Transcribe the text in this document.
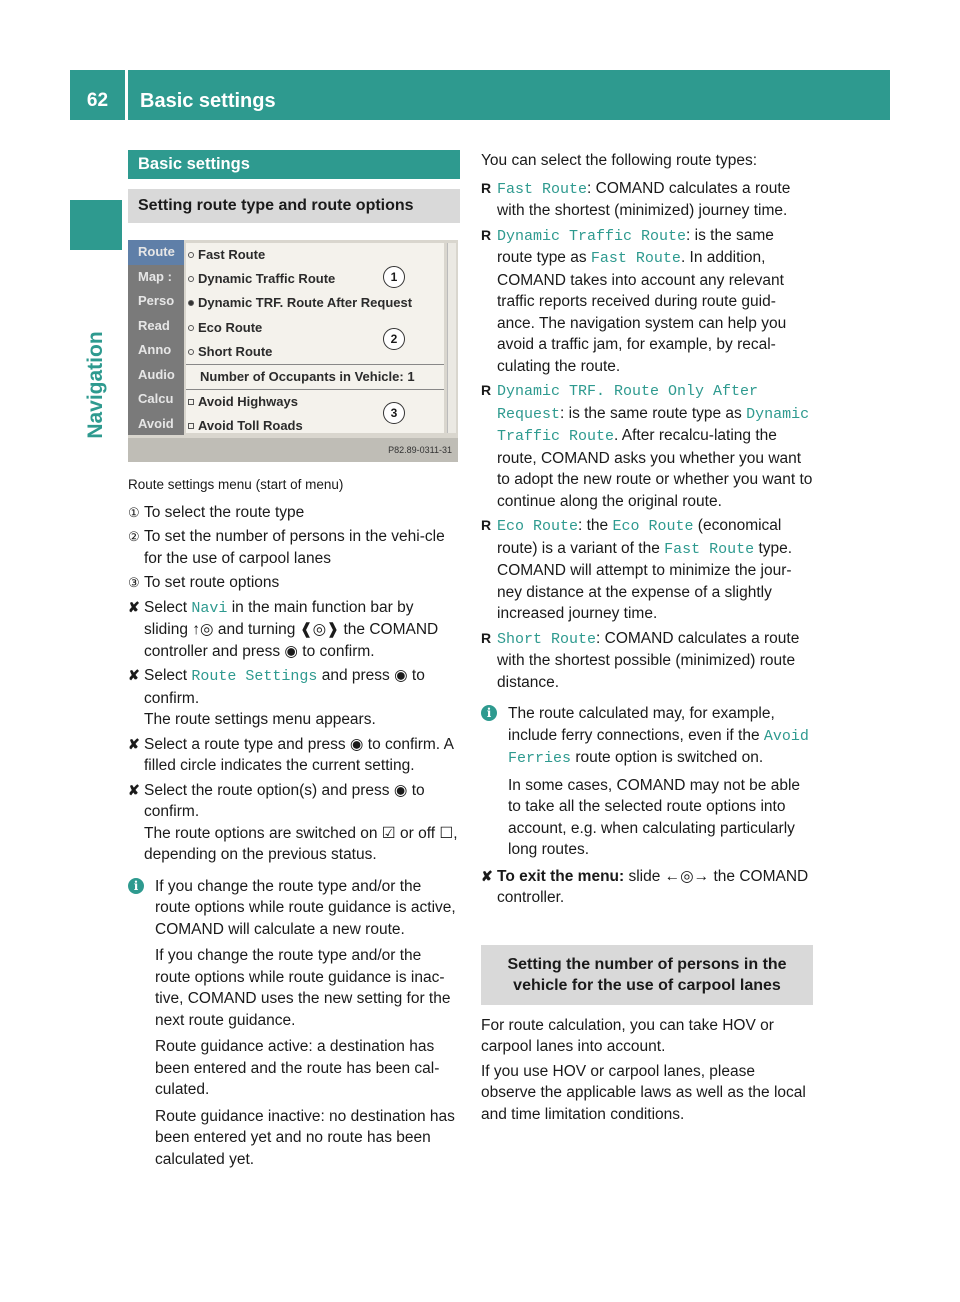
62	Basic settings
Navigation
Basic settings
Setting route type and route options
Route
Map :
Perso
Read
Anno
Audio
Calcu
Avoid
Fast Route
Dynamic Traffic Route
Dynamic TRF. Route After Request
Eco Route
Short Route
Number of Occupants in Vehicle: 1
Avoid Highways
Avoid Toll Roads
1
2
3
P82.89-0311-31
Route settings menu (start of menu)
① To select the route type
② To set the number of persons in the vehi-cle for the use of carpool lanes
③ To set route options
✘ Select Navi in the main function bar by sliding ↑◎ and turning ❰◎❱ the COMAND controller and press ◉ to confirm.
✘ Select Route Settings and press ◉ to confirm.
The route settings menu appears.
✘ Select a route type and press ◉ to confirm. A filled circle indicates the current setting.
✘ Select the route option(s) and press ◉ to confirm.
The route options are switched on ☑ or off ☐, depending on the previous status.
i	If you change the route type and/or the route options while route guidance is active, COMAND will calculate a new route.

If you change the route type and/or the route options while route guidance is inac-tive, COMAND uses the new setting for the next route guidance.

Route guidance active: a destination has been entered and the route has been cal-culated.

Route guidance inactive: no destination has been entered yet and no route has been calculated yet.

You can select the following route types:
R Fast Route: COMAND calculates a route with the shortest (minimized) journey time.
R Dynamic Traffic Route: is the same route type as Fast Route. In addition, COMAND takes into account any relevant traffic reports received during route guid-ance. The navigation system can help you avoid a traffic jam, for example, by recal-culating the route.
R Dynamic TRF. Route Only After Request: is the same route type as Dynamic Traffic Route. After recalcu-lating the route, COMAND asks you whether you want to adopt the new route or whether you want to continue along the original route.
R Eco Route: the Eco Route (economical route) is a variant of the Fast Route type. COMAND will attempt to minimize the jour-ney distance at the expense of a slightly increased journey time.
R Short Route: COMAND calculates a route with the shortest possible (minimized) route distance.
i	The route calculated may, for example, include ferry connections, even if the Avoid Ferries route option is switched on.

In some cases, COMAND may not be able to take all the selected route options into account, e.g. when calculating particularly long routes.

✘ To exit the menu: slide ←◎→ the COMAND controller.
Setting the number of persons in the vehicle for the use of carpool lanes
For route calculation, you can take HOV or carpool lanes into account.
If you use HOV or carpool lanes, please observe the applicable laws as well as the local and time limitation conditions.
